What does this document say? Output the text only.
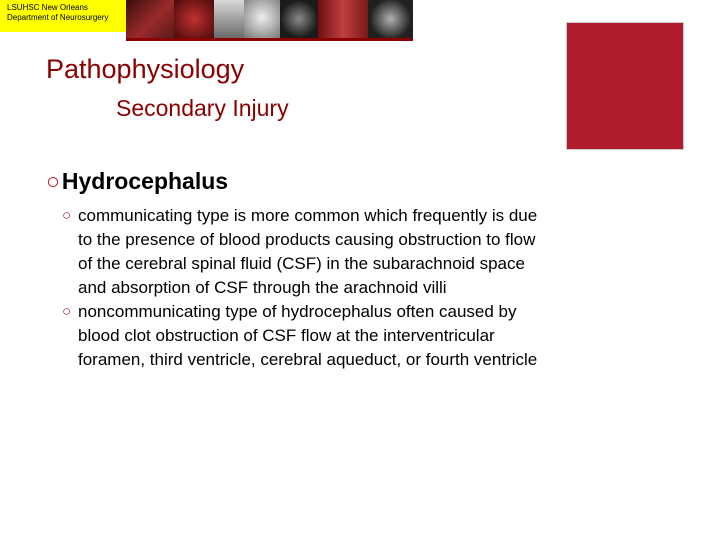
LSUHSC New Orleans
Department of Neurosurgery
Pathophysiology
Secondary Injury
○Hydrocephalus
○ communicating type is more common which frequently is due to the presence of blood products causing obstruction to flow of the cerebral spinal fluid (CSF) in the subarachnoid space and absorption of CSF through the arachnoid villi
○ noncommunicating type of hydrocephalus often caused by blood clot obstruction of CSF flow at the interventricular foramen, third ventricle, cerebral aqueduct, or fourth ventricle
